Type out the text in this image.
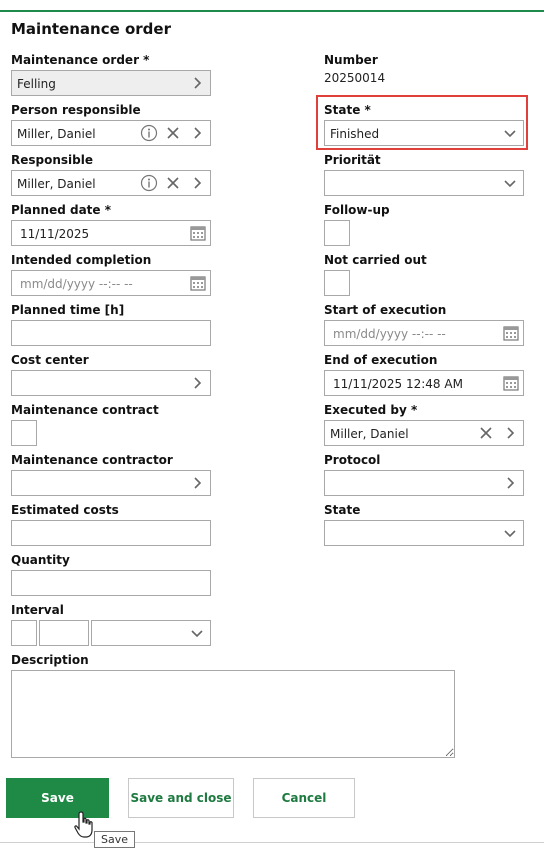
Maintenance order
Maintenance order *
Felling
Person responsible
Miller, Daniel
Responsible
Miller, Daniel
Planned date *
11/11/2025
Intended completion
mm/dd/yyyy --:-- --
Planned time [h]
Cost center
Maintenance contract
Maintenance contractor
Estimated costs
Quantity
Interval
Description
Number
20250014
State *
Finished
Priorität
Follow-up
Not carried out
Start of execution
mm/dd/yyyy --:-- --
End of execution
11/11/2025 12:48 AM
Executed by *
Miller, Daniel
Protocol
State
Save	Save and close	Cancel
Save
